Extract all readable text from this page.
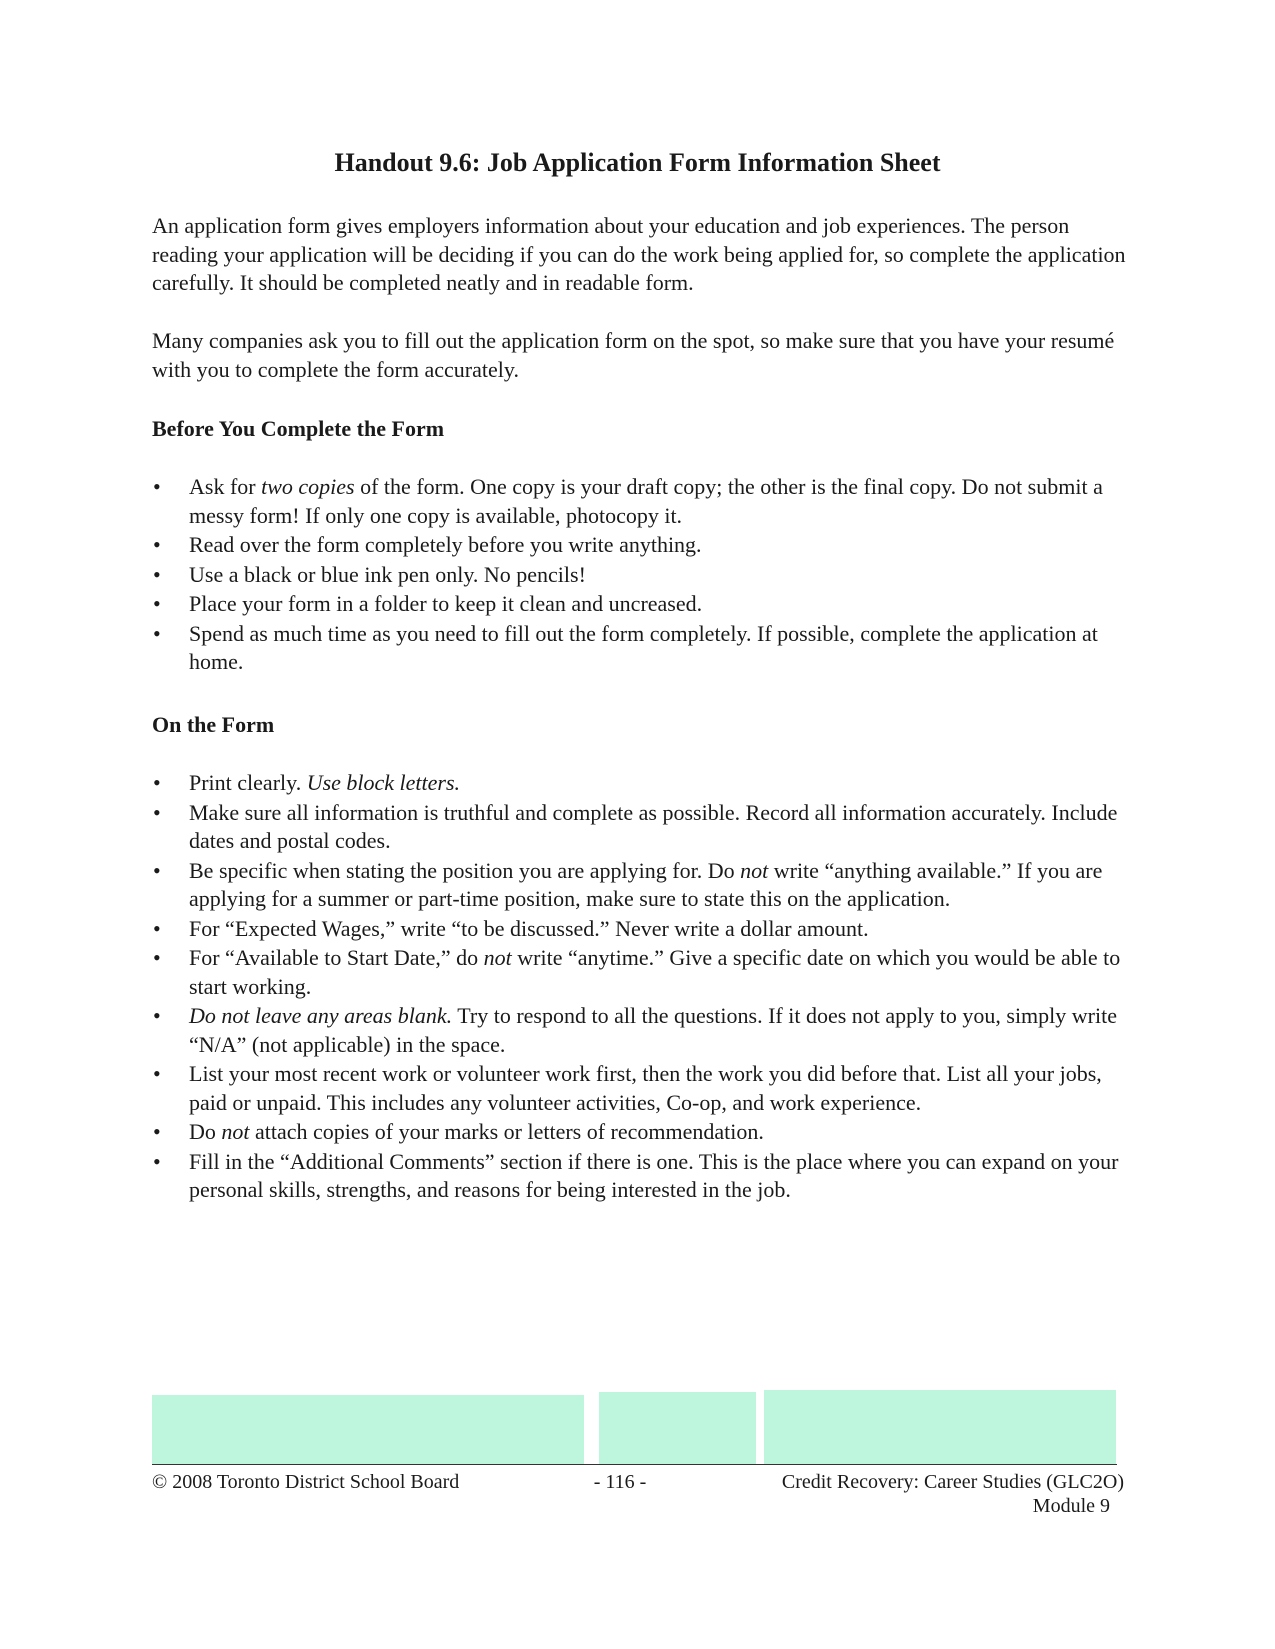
Handout 9.6: Job Application Form Information Sheet

An application form gives employers information about your education and job experiences. The person reading your application will be deciding if you can do the work being applied for, so complete the application carefully. It should be completed neatly and in readable form.

Many companies ask you to fill out the application form on the spot, so make sure that you have your resumé with you to complete the form accurately.

Before You Complete the Form
• Ask for two copies of the form. One copy is your draft copy; the other is the final copy. Do not submit a messy form! If only one copy is available, photocopy it.
• Read over the form completely before you write anything.
• Use a black or blue ink pen only. No pencils!
• Place your form in a folder to keep it clean and uncreased.
• Spend as much time as you need to fill out the form completely. If possible, complete the application at home.
On the Form
• Print clearly. Use block letters.
• Make sure all information is truthful and complete as possible. Record all information accurately. Include dates and postal codes.
• Be specific when stating the position you are applying for. Do not write “anything available.” If you are applying for a summer or part-time position, make sure to state this on the application.
• For “Expected Wages,” write “to be discussed.” Never write a dollar amount.
• For “Available to Start Date,” do not write “anytime.” Give a specific date on which you would be able to start working.
• Do not leave any areas blank. Try to respond to all the questions. If it does not apply to you, simply write “N/A” (not applicable) in the space.
• List your most recent work or volunteer work first, then the work you did before that. List all your jobs, paid or unpaid. This includes any volunteer activities, Co-op, and work experience.
• Do not attach copies of your marks or letters of recommendation.
• Fill in the “Additional Comments” section if there is one. This is the place where you can expand on your personal skills, strengths, and reasons for being interested in the job.

© 2008 Toronto District School Board	- 116 -	Credit Recovery: Career Studies (GLC2O)

Module 9
